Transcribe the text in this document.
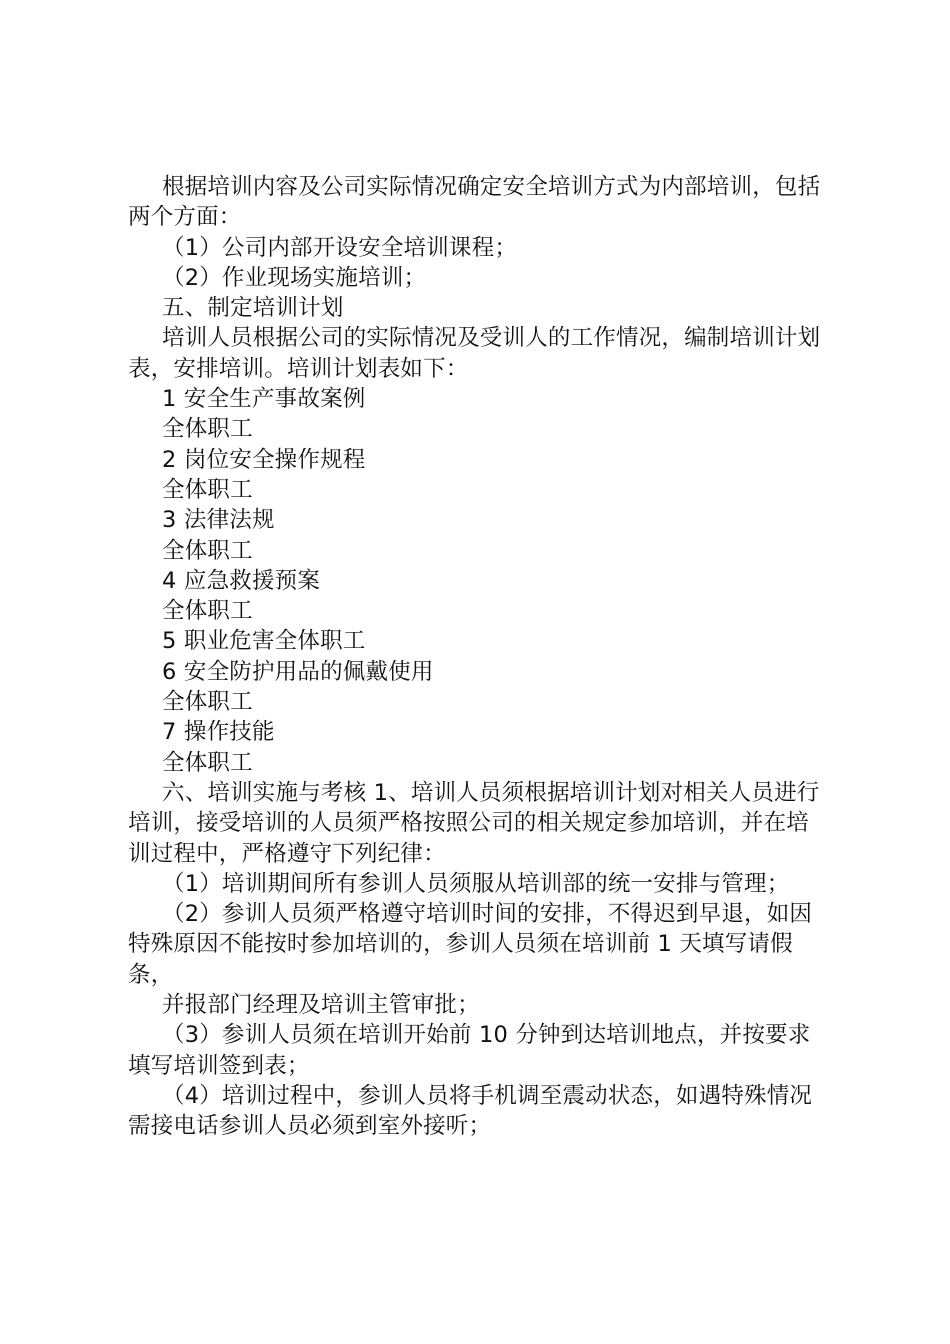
根据培训内容及公司实际情况确定安全培训方式为内部培训，包括两个方面：

（1）公司内部开设安全培训课程；

（2）作业现场实施培训；

五、制定培训计划

培训人员根据公司的实际情况及受训人的工作情况，编制培训计划表，安排培训。培训计划表如下：

1 安全生产事故案例

全体职工

2 岗位安全操作规程

全体职工

3 法律法规

全体职工

4 应急救援预案

全体职工

5 职业危害全体职工

6 安全防护用品的佩戴使用

全体职工

7 操作技能

全体职工

六、培训实施与考核 1、培训人员须根据培训计划对相关人员进行培训，接受培训的人员须严格按照公司的相关规定参加培训，并在培训过程中，严格遵守下列纪律：

（1）培训期间所有参训人员须服从培训部的统一安排与管理；

（2）参训人员须严格遵守培训时间的安排，不得迟到早退，如因特殊原因不能按时参加培训的，参训人员须在培训前 1 天填写请假条，

并报部门经理及培训主管审批；

（3）参训人员须在培训开始前 10 分钟到达培训地点，并按要求填写培训签到表；

（4）培训过程中，参训人员将手机调至震动状态，如遇特殊情况需接电话参训人员必须到室外接听；
